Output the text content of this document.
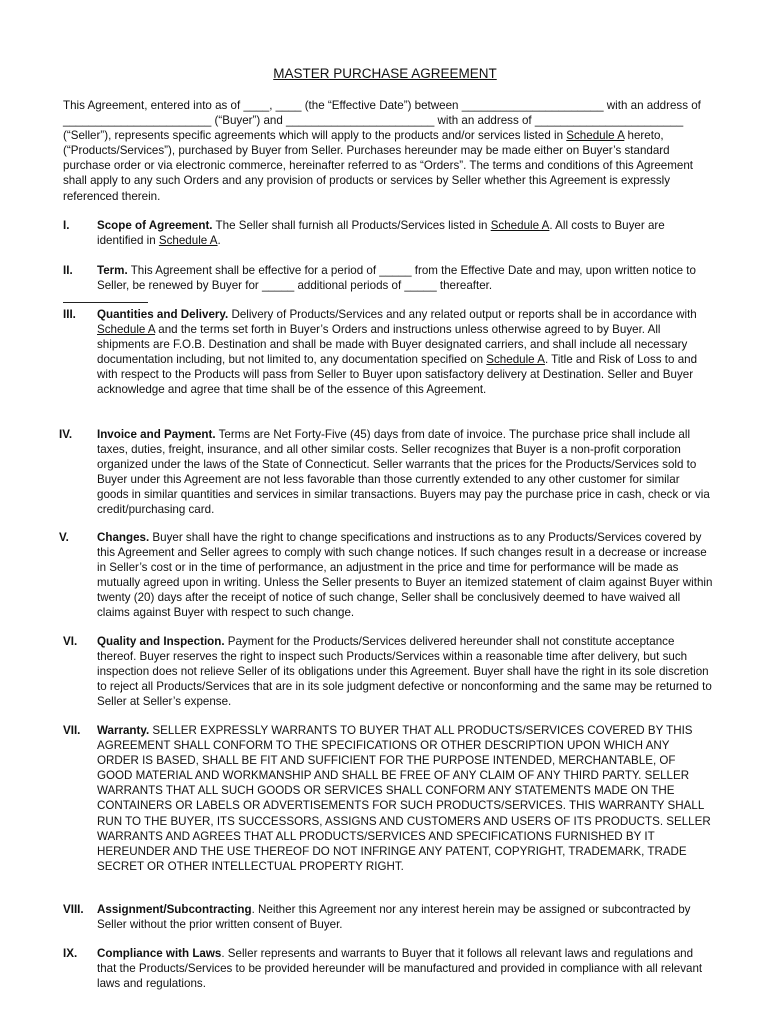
MASTER PURCHASE AGREEMENT

This Agreement, entered into as of ____, ____ (the “Effective Date”) between ______________________ with an address of _______________________ (“Buyer”) and _______________________ with an address of _______________________ (“Seller”), represents specific agreements which will apply to the products and/or services listed in Schedule A hereto, (“Products/Services”), purchased by Buyer from Seller. Purchases hereunder may be made either on Buyer’s standard purchase order or via electronic commerce, hereinafter referred to as “Orders”. The terms and conditions of this Agreement shall apply to any such Orders and any provision of products or services by Seller whether this Agreement is expressly referenced therein.

I. Scope of Agreement. The Seller shall furnish all Products/Services listed in Schedule A. All costs to Buyer are identified in Schedule A.

II. Term. This Agreement shall be effective for a period of _____ from the Effective Date and may, upon written notice to Seller, be renewed by Buyer for _____ additional periods of _____ thereafter.

III. Quantities and Delivery. Delivery of Products/Services and any related output or reports shall be in accordance with Schedule A and the terms set forth in Buyer’s Orders and instructions unless otherwise agreed to by Buyer. All shipments are F.O.B. Destination and shall be made with Buyer designated carriers, and shall include all necessary documentation including, but not limited to, any documentation specified on Schedule A. Title and Risk of Loss to and with respect to the Products will pass from Seller to Buyer upon satisfactory delivery at Destination. Seller and Buyer acknowledge and agree that time shall be of the essence of this Agreement.

IV. Invoice and Payment. Terms are Net Forty-Five (45) days from date of invoice. The purchase price shall include all taxes, duties, freight, insurance, and all other similar costs. Seller recognizes that Buyer is a non-profit corporation organized under the laws of the State of Connecticut. Seller warrants that the prices for the Products/Services sold to Buyer under this Agreement are not less favorable than those currently extended to any other customer for similar goods in similar quantities and services in similar transactions. Buyers may pay the purchase price in cash, check or via credit/purchasing card.

V. Changes. Buyer shall have the right to change specifications and instructions as to any Products/Services covered by this Agreement and Seller agrees to comply with such change notices. If such changes result in a decrease or increase in Seller’s cost or in the time of performance, an adjustment in the price and time for performance will be made as mutually agreed upon in writing. Unless the Seller presents to Buyer an itemized statement of claim against Buyer within twenty (20) days after the receipt of notice of such change, Seller shall be conclusively deemed to have waived all claims against Buyer with respect to such change.

VI. Quality and Inspection. Payment for the Products/Services delivered hereunder shall not constitute acceptance thereof. Buyer reserves the right to inspect such Products/Services within a reasonable time after delivery, but such inspection does not relieve Seller of its obligations under this Agreement. Buyer shall have the right in its sole discretion to reject all Products/Services that are in its sole judgment defective or nonconforming and the same may be returned to Seller at Seller’s expense.

VII. Warranty. SELLER EXPRESSLY WARRANTS TO BUYER THAT ALL PRODUCTS/SERVICES COVERED BY THIS AGREEMENT SHALL CONFORM TO THE SPECIFICATIONS OR OTHER DESCRIPTION UPON WHICH ANY ORDER IS BASED, SHALL BE FIT AND SUFFICIENT FOR THE PURPOSE INTENDED, MERCHANTABLE, OF GOOD MATERIAL AND WORKMANSHIP AND SHALL BE FREE OF ANY CLAIM OF ANY THIRD PARTY. SELLER WARRANTS THAT ALL SUCH GOODS OR SERVICES SHALL CONFORM ANY STATEMENTS MADE ON THE CONTAINERS OR LABELS OR ADVERTISEMENTS FOR SUCH PRODUCTS/SERVICES. THIS WARRANTY SHALL RUN TO THE BUYER, ITS SUCCESSORS, ASSIGNS AND CUSTOMERS AND USERS OF ITS PRODUCTS. SELLER WARRANTS AND AGREES THAT ALL PRODUCTS/SERVICES AND SPECIFICATIONS FURNISHED BY IT HEREUNDER AND THE USE THEREOF DO NOT INFRINGE ANY PATENT, COPYRIGHT, TRADEMARK, TRADE SECRET OR OTHER INTELLECTUAL PROPERTY RIGHT.

VIII. Assignment/Subcontracting. Neither this Agreement nor any interest herein may be assigned or subcontracted by Seller without the prior written consent of Buyer.

IX. Compliance with Laws. Seller represents and warrants to Buyer that it follows all relevant laws and regulations and that the Products/Services to be provided hereunder will be manufactured and provided in compliance with all relevant laws and regulations.
